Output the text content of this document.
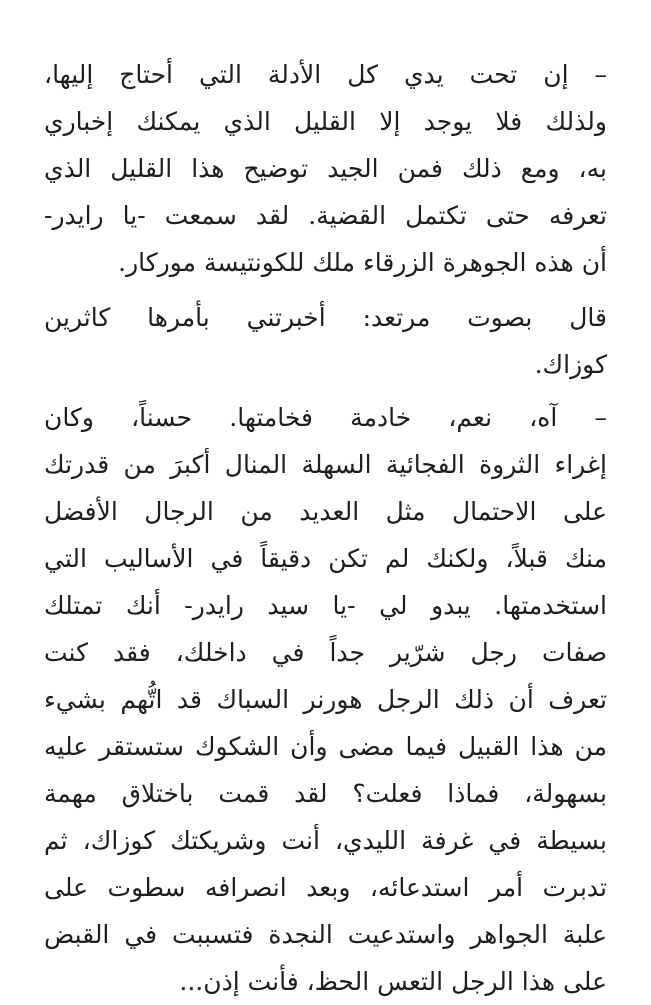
– إن تحت يدي كل الأدلة التي أحتاج إليها،
ولذلك فلا يوجد إلا القليل الذي يمكنك إخباري
به، ومع ذلك فمن الجيد توضيح هذا القليل الذي
تعرفه حتى تكتمل القضية. لقد سمعت -يا رايدر-
أن هذه الجوهرة الزرقاء ملك للكونتيسة موركار.
قال بصوت مرتعد: أخبرتني بأمرها كاثرين
كوزاك.
– آه، نعم، خادمة فخامتها. حسناً، وكان
إغراء الثروة الفجائية السهلة المنال أكبرَ من قدرتك
على الاحتمال مثل العديد من الرجال الأفضل
منك قبلاً، ولكنك لم تكن دقيقاً في الأساليب التي
استخدمتها. يبدو لي -يا سيد رايدر- أنك تمتلك
صفات رجل شرّير جداً في داخلك، فقد كنت
تعرف أن ذلك الرجل هورنر السباك قد اتُّهم بشيء
من هذا القبيل فيما مضى وأن الشكوك ستستقر عليه
بسهولة، فماذا فعلت؟ لقد قمت باختلاق مهمة
بسيطة في غرفة الليدي، أنت وشريكتك كوزاك، ثم
تدبرت أمر استدعائه، وبعد انصرافه سطوت على
علبة الجواهر واستدعيت النجدة فتسببت في القبض
على هذا الرجل التعس الحظ، فأنت إذن...
